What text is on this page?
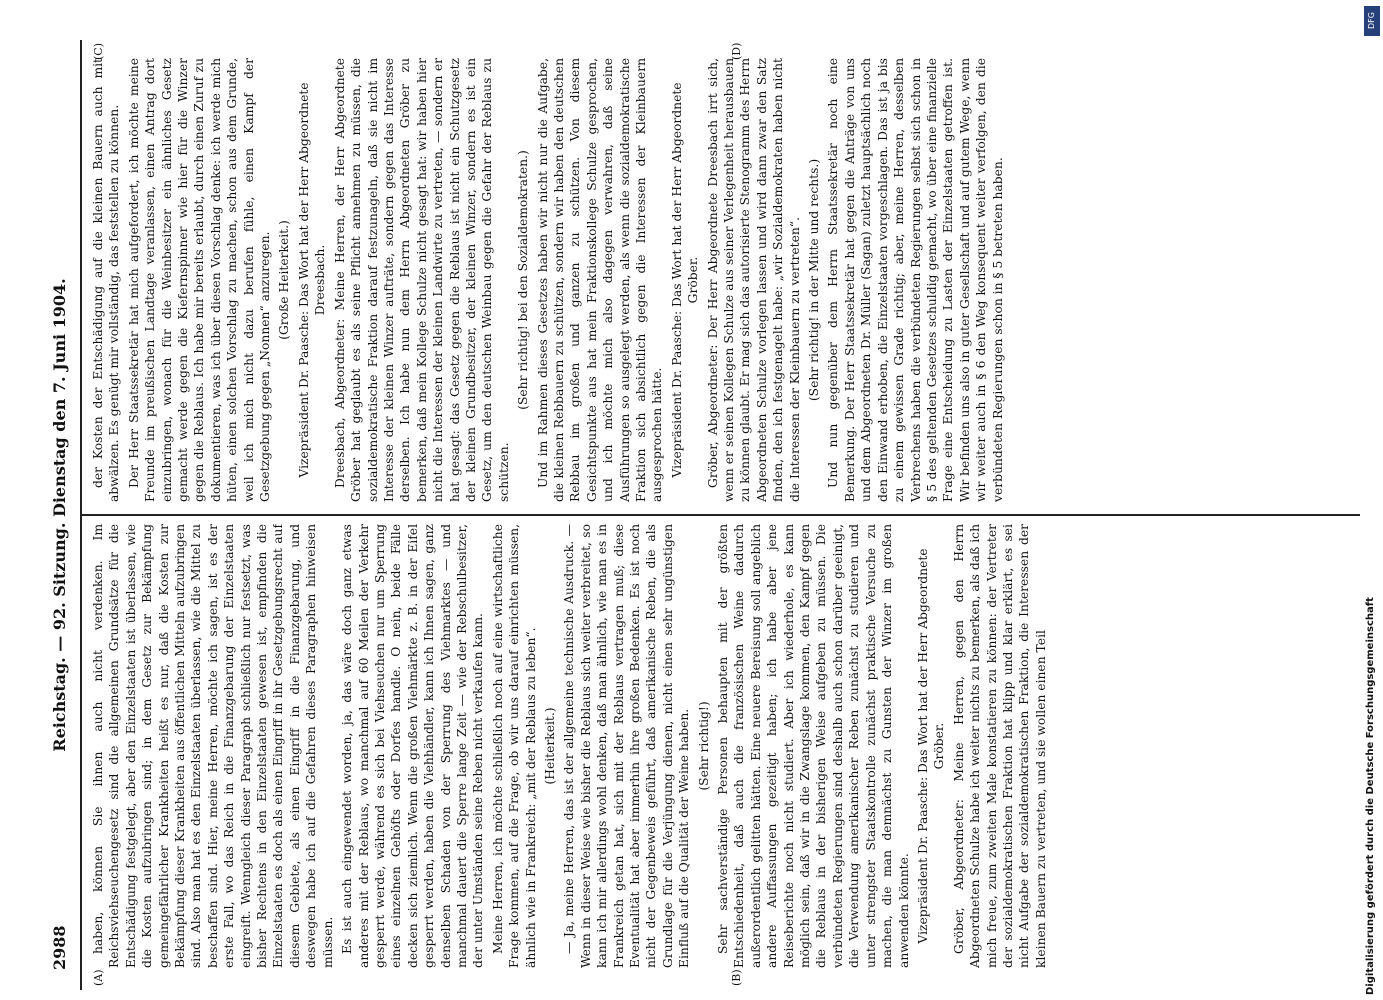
2988
Reichstag. — 92. Sitzung. Dienstag den 7. Juni 1904.
(A)	(B)
(C)	(D)

haben, können Sie ihnen auch nicht verdenken. Im Reichsviehseuchengesetz sind die allgemeinen Grundsätze für die Entschädigung festgelegt, aber den Einzelstaaten ist überlassen, wie die Kosten aufzubringen sind; in dem Gesetz zur Bekämpfung gemeingefährlicher Krankheiten heißt es nur, daß die Kosten zur Bekämpfung dieser Krankheiten aus öffentlichen Mitteln aufzubringen sind. Also man hat es den Einzelstaaten überlassen, wie die Mittel zu beschaffen sind. Hier, meine Herren, möchte ich sagen, ist es der erste Fall, wo das Reich in die Finanzgebarung der Einzelstaaten eingreift. Wenngleich dieser Paragraph schließlich nur festsetzt, was bisher Rechtens in den Einzelstaaten gewesen ist, empfinden die Einzelstaaten es doch als einen Eingriff in ihr Gesetzgebungsrecht auf diesem Gebiete, als einen Eingriff in die Finanzgebarung, und deswegen habe ich auf die Gefahren dieses Paragraphen hinweisen müssen. Es ist auch eingewendet worden, ja, das wäre doch ganz etwas anderes mit der Reblaus, wo manchmal auf 60 Meilen der Verkehr gesperrt werde, während es sich bei Viehseuchen nur um Sperrung eines einzelnen Gehöfts oder Dorfes handle. O nein, beide Fälle decken sich ziemlich. Wenn die großen Viehmärkte z. B. in der Eifel gesperrt werden, haben die Viehhändler, kann ich Ihnen sagen, ganz denselben Schaden von der Sperrung des Viehmarktes — und manchmal dauert die Sperre lange Zeit — wie der Rebschulbesitzer, der unter Umständen seine Reben nicht verkaufen kann. Meine Herren, ich möchte schließlich noch auf eine wirtschaftliche Frage kommen, auf die Frage, ob wir uns darauf einrichten müssen, ähnlich wie in Frankreich: „mit der Reblaus zu leben“. (Heiterkeit.) — Ja, meine Herren, das ist der allgemeine technische Ausdruck. — Wenn in dieser Weise wie bisher die Reblaus sich weiter verbreitet, so kann ich mir allerdings wohl denken, daß man ähnlich, wie man es in Frankreich getan hat, sich mit der Reblaus vertragen muß; diese Eventualität hat aber immerhin ihre großen Bedenken. Es ist noch nicht der Gegenbeweis geführt, daß amerikanische Reben, die als Grundlage für die Verjüngung dienen, nicht einen sehr ungünstigen Einfluß auf die Qualität der Weine haben. (Sehr richtig!) Sehr sachverständige Personen behaupten mit der größten Entschiedenheit, daß auch die französischen Weine dadurch außerordentlich gelitten hätten. Eine neuere Bereisung soll angeblich andere Auffassungen gezeitigt haben; ich habe aber jene Reiseberichte noch nicht studiert. Aber ich wiederhole, es kann möglich sein, daß wir in die Zwangslage kommen, den Kampf gegen die Reblaus in der bisherigen Weise aufgeben zu müssen. Die verbündeten Regierungen sind deshalb auch schon darüber geeinigt, die Verwendung amerikanischer Reben zunächst zu studieren und unter strengster Staatskontrolle zunächst praktische Versuche zu machen, die man demnächst zu Gunsten der Winzer im großen anwenden könnte. Vizepräsident Dr. Paasche: Das Wort hat der Herr Abgeordnete Gröber. Gröber, Abgeordneter: Meine Herren, gegen den Herrn Abgeordneten Schulze habe ich weiter nichts zu bemerken, als daß ich mich freue, zum zweiten Male konstatieren zu können: der Vertreter der sozialdemokratischen Fraktion hat klipp und klar erklärt, es sei nicht Aufgabe der sozialdemokratischen Fraktion, die Interessen der kleinen Bauern zu vertreten, und sie wollen einen Teil

der Kosten der Entschädigung auf die kleinen Bauern auch mit abwälzen. Es genügt mir vollständig, das feststellen zu können. Der Herr Staatssekretär hat mich aufgefordert, ich möchte meine Freunde im preußischen Landtage veranlassen, einen Antrag dort einzubringen, wonach für die Weinbesitzer ein ähnliches Gesetz gemacht werde gegen die Kiefernspinner wie hier für die Winzer gegen die Reblaus. Ich habe mir bereits erlaubt, durch einen Zuruf zu dokumentieren, was ich über diesen Vorschlag denke: ich werde mich hüten, einen solchen Vorschlag zu machen, schon aus dem Grunde, weil ich mich nicht dazu berufen fühle, einen Kampf der Gesetzgebung gegen „Nonnen“ anzuregen. (Große Heiterkeit.) Vizepräsident Dr. Paasche: Das Wort hat der Herr Abgeordnete Dreesbach. Dreesbach, Abgeordneter: Meine Herren, der Herr Abgeordnete Gröber hat geglaubt es als seine Pflicht annehmen zu müssen, die sozialdemokratische Fraktion darauf festzunageln, daß sie nicht im Interesse der kleinen Winzer aufträte, sondern gegen das Interesse derselben. Ich habe nun dem Herrn Abgeordneten Gröber zu bemerken, daß mein Kollege Schulze nicht gesagt hat: wir haben hier nicht die Interessen der kleinen Landwirte zu vertreten, — sondern er hat gesagt: das Gesetz gegen die Reblaus ist nicht ein Schutzgesetz der kleinen Grundbesitzer, der kleinen Winzer, sondern es ist ein Gesetz, um den deutschen Weinbau gegen die Gefahr der Reblaus zu schützen.

(Sehr richtig! bei den Sozialdemokraten.) Und im Rahmen dieses Gesetzes haben wir nicht nur die Aufgabe, die kleinen Rebbauern zu schützen, sondern wir haben den deutschen Rebbau im großen und ganzen zu schützen. Von diesem Gesichtspunkte aus hat mein Fraktionskollege Schulze gesprochen, und ich möchte mich also dagegen verwahren, daß seine Ausführungen so ausgelegt werden, als wenn die sozialdemokratische Fraktion sich absichtlich gegen die Interessen der Kleinbauern ausgesprochen hätte. Vizepräsident Dr. Paasche: Das Wort hat der Herr Abgeordnete Gröber. Gröber, Abgeordneter: Der Herr Abgeordnete Dreesbach irrt sich, wenn er seinen Kollegen Schulze aus seiner Verlegenheit herausbauen zu können glaubt. Er mag sich das autorisierte Stenogramm des Herrn Abgeordneten Schulze vorlegen lassen und wird dann zwar den Satz finden, den ich festgenagelt habe: „wir Sozialdemokraten haben nicht die Interessen der Kleinbauern zu vertreten“. (Sehr richtig! in der Mitte und rechts.) Und nun gegenüber dem Herrn Staatssekretär noch eine Bemerkung. Der Herr Staatssekretär hat gegen die Anträge von uns und dem Abgeordneten Dr. Müller (Sagan) zuletzt hauptsächlich noch den Einwand erhoben, die Einzelstaaten vorgeschlagen. Das ist ja bis zu einem gewissen Grade richtig; aber, meine Herren, desselben Verbrechens haben die verbündeten Regierungen selbst sich schon in § 5 des geltenden Gesetzes schuldig gemacht, wo über eine finanzielle Frage eine Entscheidung zu Lasten der Einzelstaaten getroffen ist. Wir befinden uns also in guter Gesellschaft und auf gutem Wege, wenn wir weiter auch in § 6 den Weg konsequent weiter verfolgen, den die verbündeten Regierungen schon in § 5 betreten haben.

DFG
Digitalisierung gefördert durch die Deutsche Forschungsgemeinschaft
